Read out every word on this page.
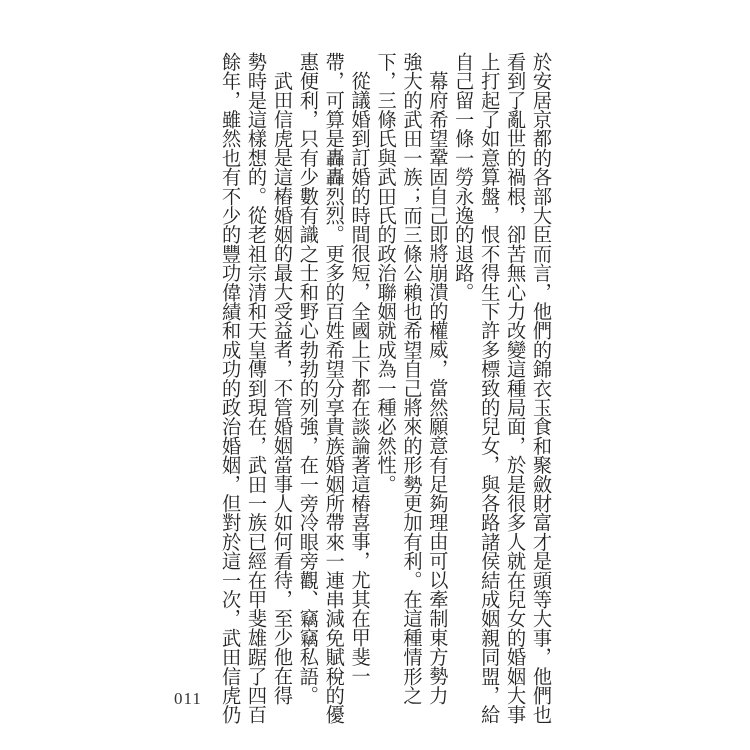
於安居京都的各部大臣而言，他們的錦衣玉食和聚斂財富才是頭等大事，他們也

看到了亂世的禍根，卻苦無心力改變這種局面，於是很多人就在兒女的婚姻大事

上打起了如意算盤，恨不得生下許多標致的兒女，與各路諸侯結成姻親同盟，給

自己留一條一勞永逸的退路。

幕府希望鞏固自己即將崩潰的權威，當然願意有足夠理由可以牽制東方勢力

強大的武田一族；而三條公賴也希望自己將來的形勢更加有利。在這種情形之

下，三條氏與武田氏的政治聯姻就成為一種必然性。

從議婚到訂婚的時間很短，全國上下都在談論著這樁喜事，尤其在甲斐一

帶，可算是轟轟烈烈。更多的百姓希望分享貴族婚姻所帶來一連串減免賦稅的優

惠便利，只有少數有識之士和野心勃勃的列強，在一旁冷眼旁觀、竊竊私語。

武田信虎是這樁婚姻的最大受益者，不管婚姻當事人如何看待，至少他在得

勢時是這樣想的。從老祖宗清和天皇傳到現在，武田一族已經在甲斐雄踞了四百

餘年，雖然也有不少的豐功偉績和成功的政治婚姻，但對於這一次，武田信虎仍

011
